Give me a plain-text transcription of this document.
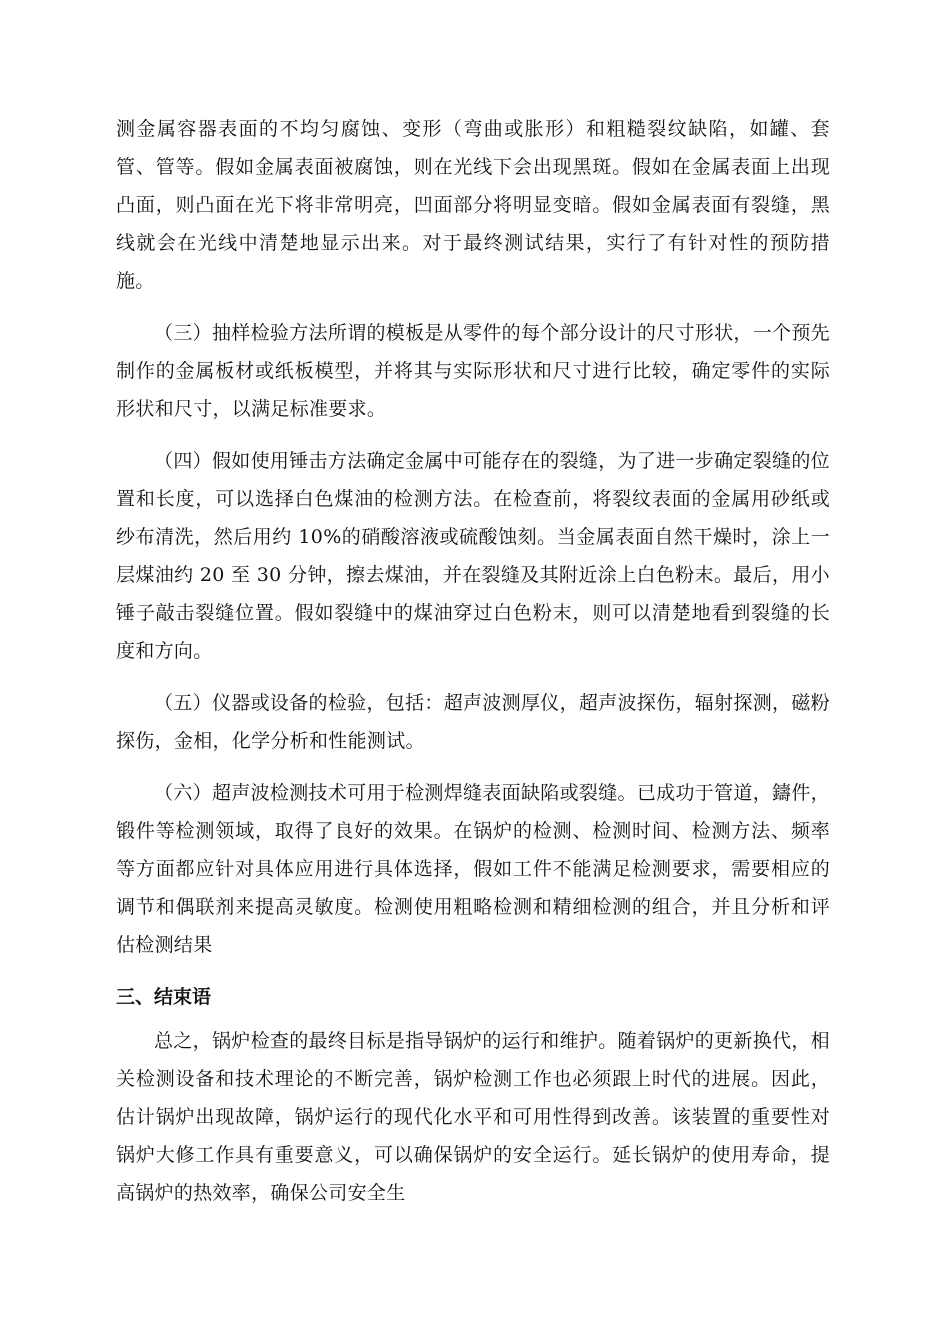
测金属容器表面的不均匀腐蚀、变形（弯曲或胀形）和粗糙裂纹缺陷，如罐、套管、管等。假如金属表面被腐蚀，则在光线下会出现黑斑。假如在金属表面上出现凸面，则凸面在光下将非常明亮，凹面部分将明显变暗。假如金属表面有裂缝，黑线就会在光线中清楚地显示出来。对于最终测试结果，实行了有针对性的预防措施。

（三）抽样检验方法所谓的模板是从零件的每个部分设计的尺寸形状，一个预先制作的金属板材或纸板模型，并将其与实际形状和尺寸进行比较，确定零件的实际形状和尺寸，以满足标准要求。

（四）假如使用锤击方法确定金属中可能存在的裂缝，为了进一步确定裂缝的位置和长度，可以选择白色煤油的检测方法。在检查前，将裂纹表面的金属用砂纸或纱布清洗，然后用约 10%的硝酸溶液或硫酸蚀刻。当金属表面自然干燥时，涂上一层煤油约 20 至 30 分钟，擦去煤油，并在裂缝及其附近涂上白色粉末。最后，用小锤子敲击裂缝位置。假如裂缝中的煤油穿过白色粉末，则可以清楚地看到裂缝的长度和方向。

（五）仪器或设备的检验，包括：超声波测厚仪，超声波探伤，辐射探测，磁粉探伤，金相，化学分析和性能测试。

（六）超声波检测技术可用于检测焊缝表面缺陷或裂缝。已成功于管道，鑄件，锻件等检测领域，取得了良好的效果。在锅炉的检测、检测时间、检测方法、频率等方面都应针对具体应用进行具体选择，假如工件不能满足检测要求，需要相应的调节和偶联剂来提高灵敏度。检测使用粗略检测和精细检测的组合，并且分析和评估检测结果

三、结束语

总之，锅炉检查的最终目标是指导锅炉的运行和维护。随着锅炉的更新换代，相关检测设备和技术理论的不断完善，锅炉检测工作也必须跟上时代的进展。因此，估计锅炉出现故障，锅炉运行的现代化水平和可用性得到改善。该装置的重要性对锅炉大修工作具有重要意义，可以确保锅炉的安全运行。延长锅炉的使用寿命，提高锅炉的热效率，确保公司安全生
